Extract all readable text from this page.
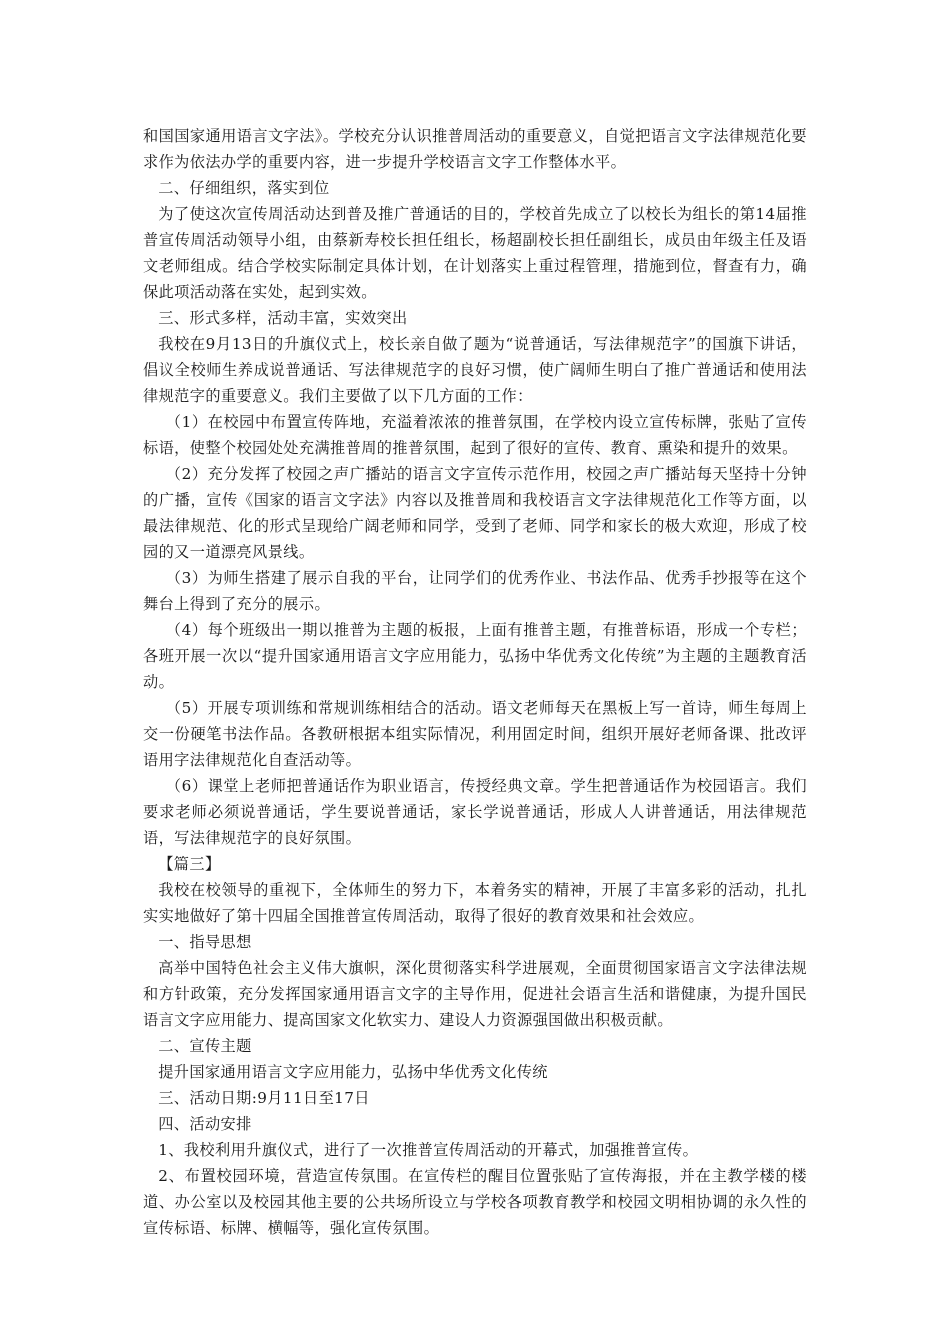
和国国家通用语言文字法》。学校充分认识推普周活动的重要意义，自觉把语言文字法律规范化要求作为依法办学的重要内容，进一步提升学校语言文字工作整体水平。

二、仔细组织，落实到位

为了使这次宣传周活动达到普及推广普通话的目的，学校首先成立了以校长为组长的第14届推普宣传周活动领导小组，由蔡新寿校长担任组长，杨超副校长担任副组长，成员由年级主任及语文老师组成。结合学校实际制定具体计划，在计划落实上重过程管理，措施到位，督查有力，确保此项活动落在实处，起到实效。

三、形式多样，活动丰富，实效突出

我校在9月13日的升旗仪式上，校长亲自做了题为“说普通话，写法律规范字”的国旗下讲话，倡议全校师生养成说普通话、写法律规范字的良好习惯，使广阔师生明白了推广普通话和使用法律规范字的重要意义。我们主要做了以下几方面的工作：

（1）在校园中布置宣传阵地，充溢着浓浓的推普氛围，在学校内设立宣传标牌，张贴了宣传标语，使整个校园处处充满推普周的推普氛围，起到了很好的宣传、教育、熏染和提升的效果。

（2）充分发挥了校园之声广播站的语言文字宣传示范作用，校园之声广播站每天坚持十分钟的广播，宣传《国家的语言文字法》内容以及推普周和我校语言文字法律规范化工作等方面，以最法律规范、化的形式呈现给广阔老师和同学，受到了老师、同学和家长的极大欢迎，形成了校园的又一道漂亮风景线。

（3）为师生搭建了展示自我的平台，让同学们的优秀作业、书法作品、优秀手抄报等在这个舞台上得到了充分的展示。

（4）每个班级出一期以推普为主题的板报，上面有推普主题，有推普标语，形成一个专栏；各班开展一次以“提升国家通用语言文字应用能力，弘扬中华优秀文化传统”为主题的主题教育活动。

（5）开展专项训练和常规训练相结合的活动。语文老师每天在黑板上写一首诗，师生每周上交一份硬笔书法作品。各教研根据本组实际情况，利用固定时间，组织开展好老师备课、批改评语用字法律规范化自查活动等。

（6）课堂上老师把普通话作为职业语言，传授经典文章。学生把普通话作为校园语言。我们要求老师必须说普通话，学生要说普通话，家长学说普通话，形成人人讲普通话，用法律规范语，写法律规范字的良好氛围。

【篇三】

我校在校领导的重视下，全体师生的努力下，本着务实的精神，开展了丰富多彩的活动，扎扎实实地做好了第十四届全国推普宣传周活动，取得了很好的教育效果和社会效应。

一、指导思想

高举中国特色社会主义伟大旗帜，深化贯彻落实科学进展观，全面贯彻国家语言文字法律法规和方针政策，充分发挥国家通用语言文字的主导作用，促进社会语言生活和谐健康，为提升国民语言文字应用能力、提高国家文化软实力、建设人力资源强国做出积极贡献。

二、宣传主题

提升国家通用语言文字应用能力，弘扬中华优秀文化传统

三、活动日期:9月11日至17日

四、活动安排

1、我校利用升旗仪式，进行了一次推普宣传周活动的开幕式，加强推普宣传。

2、布置校园环境，营造宣传氛围。在宣传栏的醒目位置张贴了宣传海报，并在主教学楼的楼道、办公室以及校园其他主要的公共场所设立与学校各项教育教学和校园文明相协调的永久性的宣传标语、标牌、横幅等，强化宣传氛围。
